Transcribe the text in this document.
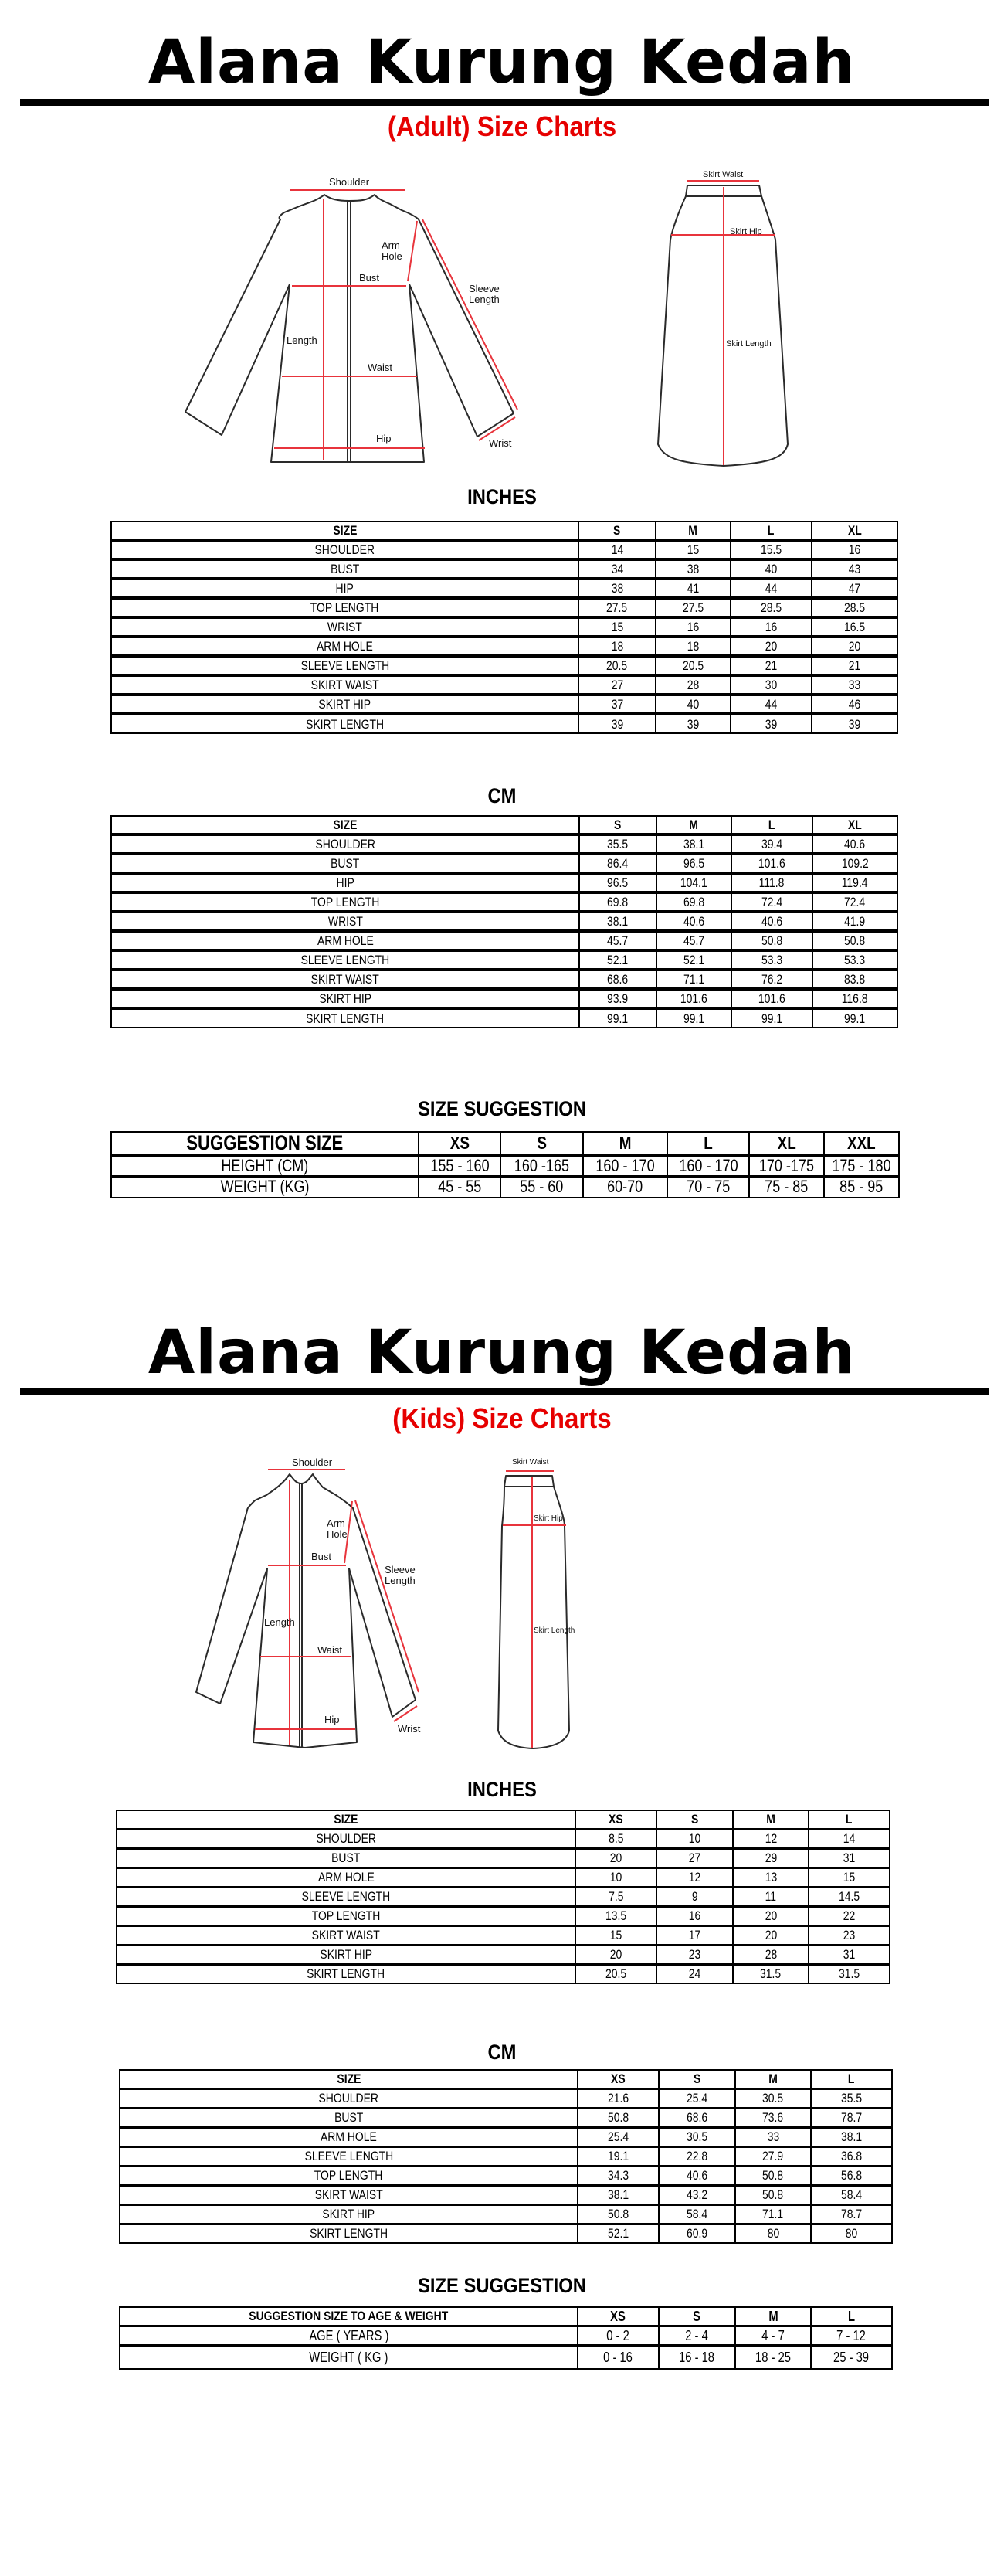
Alana Kurung Kedah
(Adult) Size Charts
Shoulder
Arm
Hole
Bust
Sleeve
Length
Length
Waist
Hip	Wrist
Skirt Waist
Skirt Hip
Skirt Length
INCHES
SIZE	S	M	L	XL
SHOULDER	14	15	15.5	16
BUST	34	38	40	43
HIP	38	41	44	47
TOP LENGTH	27.5	27.5	28.5	28.5
WRIST	15	16	16	16.5
ARM HOLE	18	18	20	20
SLEEVE LENGTH	20.5	20.5	21	21
SKIRT WAIST	27	28	30	33
SKIRT HIP	37	40	44	46
SKIRT LENGTH	39	39	39	39
CM
SIZE	S	M	L	XL
SHOULDER	35.5	38.1	39.4	40.6
BUST	86.4	96.5	101.6	109.2
HIP	96.5	104.1	111.8	119.4
TOP LENGTH	69.8	69.8	72.4	72.4
WRIST	38.1	40.6	40.6	41.9
ARM HOLE	45.7	45.7	50.8	50.8
SLEEVE LENGTH	52.1	52.1	53.3	53.3
SKIRT WAIST	68.6	71.1	76.2	83.8
SKIRT HIP	93.9	101.6	101.6	116.8
SKIRT LENGTH	99.1	99.1	99.1	99.1
SIZE SUGGESTION
SUGGESTION SIZE	XS	S	M	L	XL	XXL
HEIGHT (CM)	155 - 160	160 -165	160 - 170	160 - 170	170 -175	175 - 180
WEIGHT (KG)	45 - 55	55 - 60	60-70	70 - 75	75 - 85	85 - 95
Alana Kurung Kedah
(Kids) Size Charts
Shoulder
Arm
Hole
Bust
Sleeve
Length
Length
Waist
Hip
Wrist
Skirt Waist
Skirt Hip
Skirt Length
INCHES
SIZE	XS	S	M	L
SHOULDER	8.5	10	12	14
BUST	20	27	29	31
ARM HOLE	10	12	13	15
SLEEVE LENGTH	7.5	9	11	14.5
TOP LENGTH	13.5	16	20	22
SKIRT WAIST	15	17	20	23
SKIRT HIP	20	23	28	31
SKIRT LENGTH	20.5	24	31.5	31.5
CM
SIZE	XS	S	M	L
SHOULDER	21.6	25.4	30.5	35.5
BUST	50.8	68.6	73.6	78.7
ARM HOLE	25.4	30.5	33	38.1
SLEEVE LENGTH	19.1	22.8	27.9	36.8
TOP LENGTH	34.3	40.6	50.8	56.8
SKIRT WAIST	38.1	43.2	50.8	58.4
SKIRT HIP	50.8	58.4	71.1	78.7
SKIRT LENGTH	52.1	60.9	80	80
SIZE SUGGESTION
SUGGESTION SIZE TO AGE & WEIGHT	XS	S	M	L
AGE ( YEARS )	0 - 2	2 - 4	4 - 7	7 - 12
WEIGHT ( KG )	0 - 16	16 - 18	18 - 25	25 - 39
